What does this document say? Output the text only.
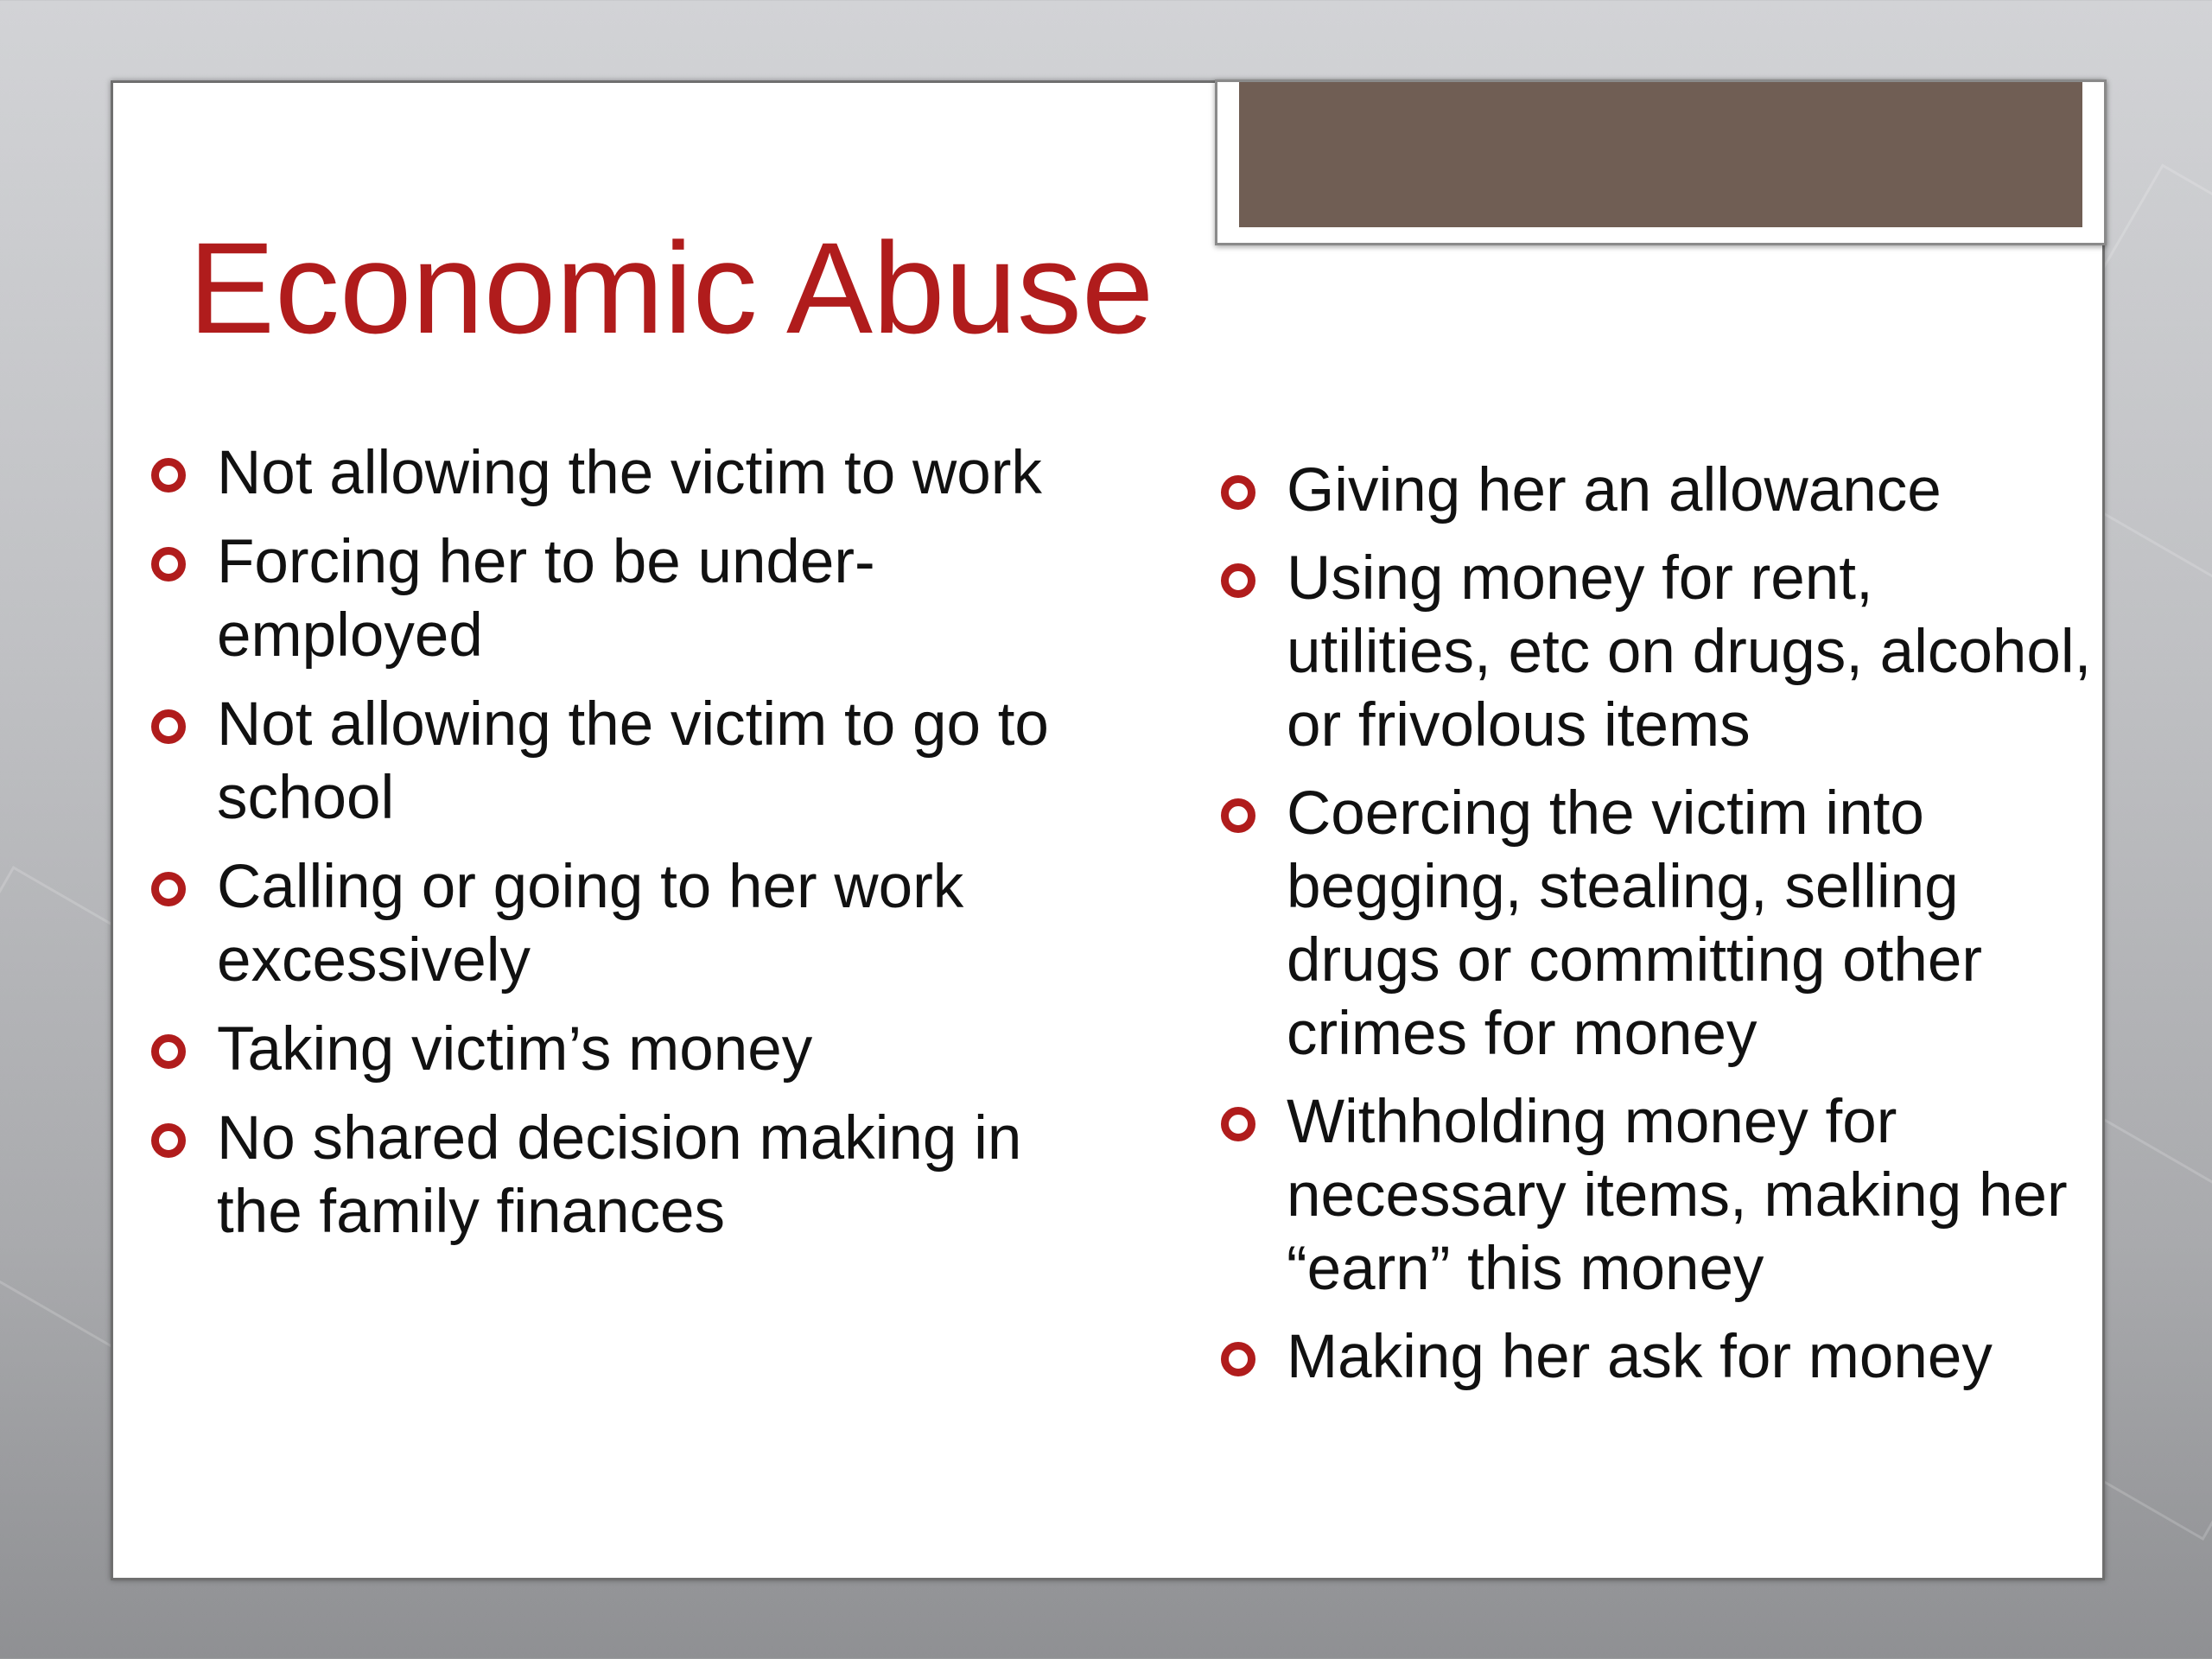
Economic Abuse
Not allowing the victim to work
Forcing her to be under-employed
Not allowing the victim to go to school
Calling or going to her work excessively
Taking victim’s money
No shared decision making in the family finances
Giving her an allowance
Using money for rent, utilities, etc on drugs, alcohol, or frivolous items
Coercing the victim into begging, stealing, selling drugs or committing other crimes for money
Withholding money for necessary items, making her “earn” this money
Making her ask for money
